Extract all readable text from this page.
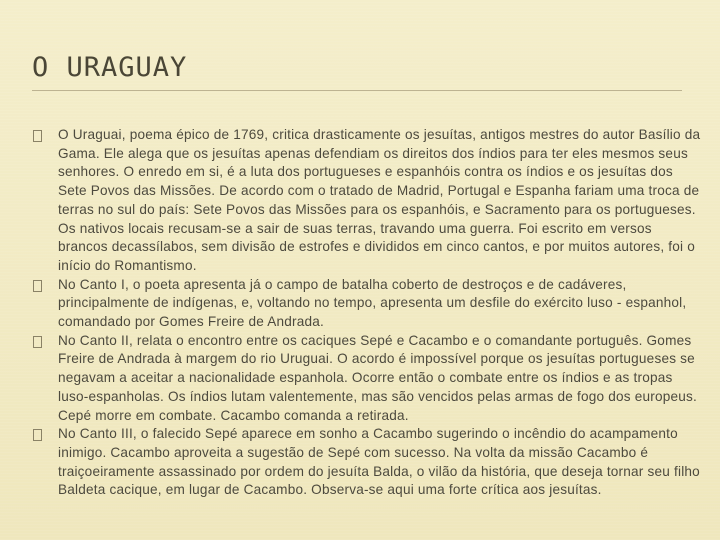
O URAGUAY
O Uraguai, poema épico de 1769, critica drasticamente os jesuítas, antigos mestres do autor Basílio da Gama. Ele alega que os jesuítas apenas defendiam os direitos dos índios para ter eles mesmos seus senhores. O enredo em si, é a luta dos portugueses e espanhóis contra os índios e os jesuítas dos Sete Povos das Missões. De acordo com o tratado de Madrid, Portugal e Espanha fariam uma troca de terras no sul do país: Sete Povos das Missões para os espanhóis, e Sacramento para os portugueses. Os nativos locais recusam-se a sair de suas terras, travando uma guerra. Foi escrito em versos brancos decassílabos, sem divisão de estrofes e divididos em cinco cantos, e por muitos autores, foi o início do Romantismo.
No Canto I, o poeta apresenta já o campo de batalha coberto de destroços e de cadáveres, principalmente de indígenas, e, voltando no tempo, apresenta um desfile do exército luso - espanhol, comandado por Gomes Freire de Andrada.
No Canto II, relata o encontro entre os caciques Sepé e Cacambo e o comandante português. Gomes Freire de Andrada à margem do rio Uruguai. O acordo é impossível porque os jesuítas portugueses se negavam a aceitar a nacionalidade espanhola. Ocorre então o combate entre os índios e as tropas luso-espanholas. Os índios lutam valentemente, mas são vencidos pelas armas de fogo dos europeus. Cepé morre em combate. Cacambo comanda a retirada.
No Canto III, o falecido Sepé aparece em sonho a Cacambo sugerindo o incêndio do acampamento inimigo. Cacambo aproveita a sugestão de Sepé com sucesso. Na volta da missão Cacambo é traiçoeiramente assassinado por ordem do jesuíta Balda, o vilão da história, que deseja tornar seu filho Baldeta cacique, em lugar de Cacambo. Observa-se aqui uma forte crítica aos jesuítas.
